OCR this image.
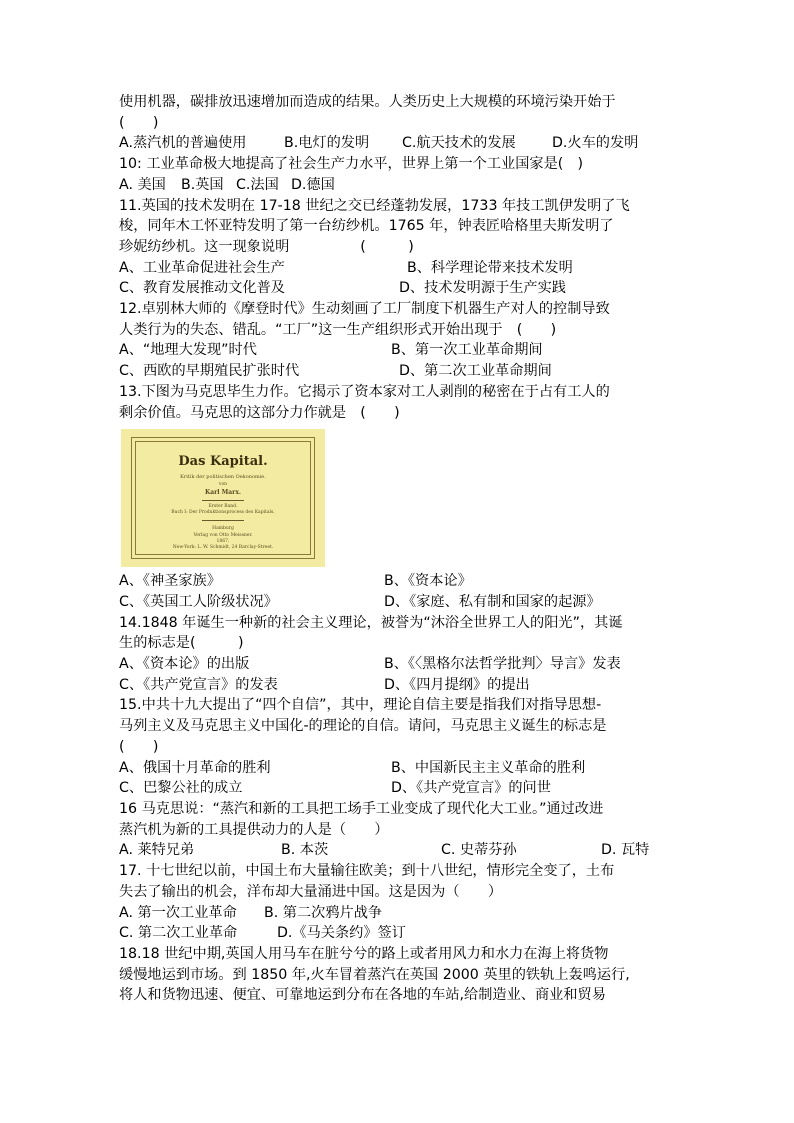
使用机器，碳排放迅速增加而造成的结果。人类历史上大规模的环境污染开始于
(　　)
A.蒸汽机的普遍使用	B.电灯的发明	C.航天技术的发展	D.火车的发明
10: 工业革命极大地提高了社会生产力水平，世界上第一个工业国家是(　)
A. 美国	B.英国 C.法国 D.德国
11.英国的技术发明在 17-18 世纪之交已经蓬勃发展，1733 年技工凯伊发明了飞
梭，同年木工怀亚特发明了第一台纺纱机。1765 年，钟表匠哈格里夫斯发明了
珍妮纺纱机。这一现象说明　　　　　(　　　)
A、工业革命促进社会生产	B、科学理论带来技术发明
C、教育发展推动文化普及	D、技术发明源于生产实践
12.卓别林大师的《摩登时代》生动刻画了工厂制度下机器生产对人的控制导致
人类行为的失态、错乱。“工厂”这一生产组织形式开始出现于　(　　)
A、“地理大发现”时代	B、第一次工业革命期间
C、西欧的早期殖民扩张时代	D、第二次工业革命期间
13.下图为马克思毕生力作。它揭示了资本家对工人剥削的秘密在于占有工人的
剩余价值。马克思的这部分力作就是　(　　)
Das Kapital.
Kritik der politischen Oekonomie.
von
Karl Marx.
Erster Band.
Buch I: Der Produktionsprocess des Kapitals.
Hamburg
Verlag von Otto Meissner.
1867.
New-York: L. W. Schmidt, 24 Barclay-Street.
A、《神圣家族》	B、《资本论》
C、《英国工人阶级状况》	D、《家庭、私有制和国家的起源》
14.1848 年诞生一种新的社会主义理论，被誉为“沐浴全世界工人的阳光”，其诞
生的标志是(　　　)
A、《资本论》的出版	B、《〈黑格尔法哲学批判〉导言》发表
C、《共产党宣言》的发表	D、《四月提纲》的提出
15.中共十九大提出了“四个自信”，其中，理论自信主要是指我们对指导思想-
马列主义及马克思主义中国化-的理论的自信。请问，马克思主义诞生的标志是
(　　)
A、俄国十月革命的胜利	B、中国新民主主义革命的胜利
C、巴黎公社的成立	D、《共产党宣言》的问世
16 马克思说：“蒸汽和新的工具把工场手工业变成了现代化大工业。”通过改进
蒸汽机为新的工具提供动力的人是（　　）
A. 莱特兄弟	B. 本茨	C. 史蒂芬孙	D. 瓦特
17. 十七世纪以前，中国土布大量输往欧美；到十八世纪，情形完全变了，土布
失去了输出的机会，洋布却大量涌进中国。这是因为（　　）
A. 第一次工业革命	B. 第二次鸦片战争
C. 第二次工业革命	D.《马关条约》签订
18.18 世纪中期,英国人用马车在脏兮兮的路上或者用风力和水力在海上将货物
缓慢地运到市场。到 1850 年,火车冒着蒸汽在英国 2000 英里的铁轨上轰鸣运行,
将人和货物迅速、便宜、可靠地运到分布在各地的车站,给制造业、商业和贸易
